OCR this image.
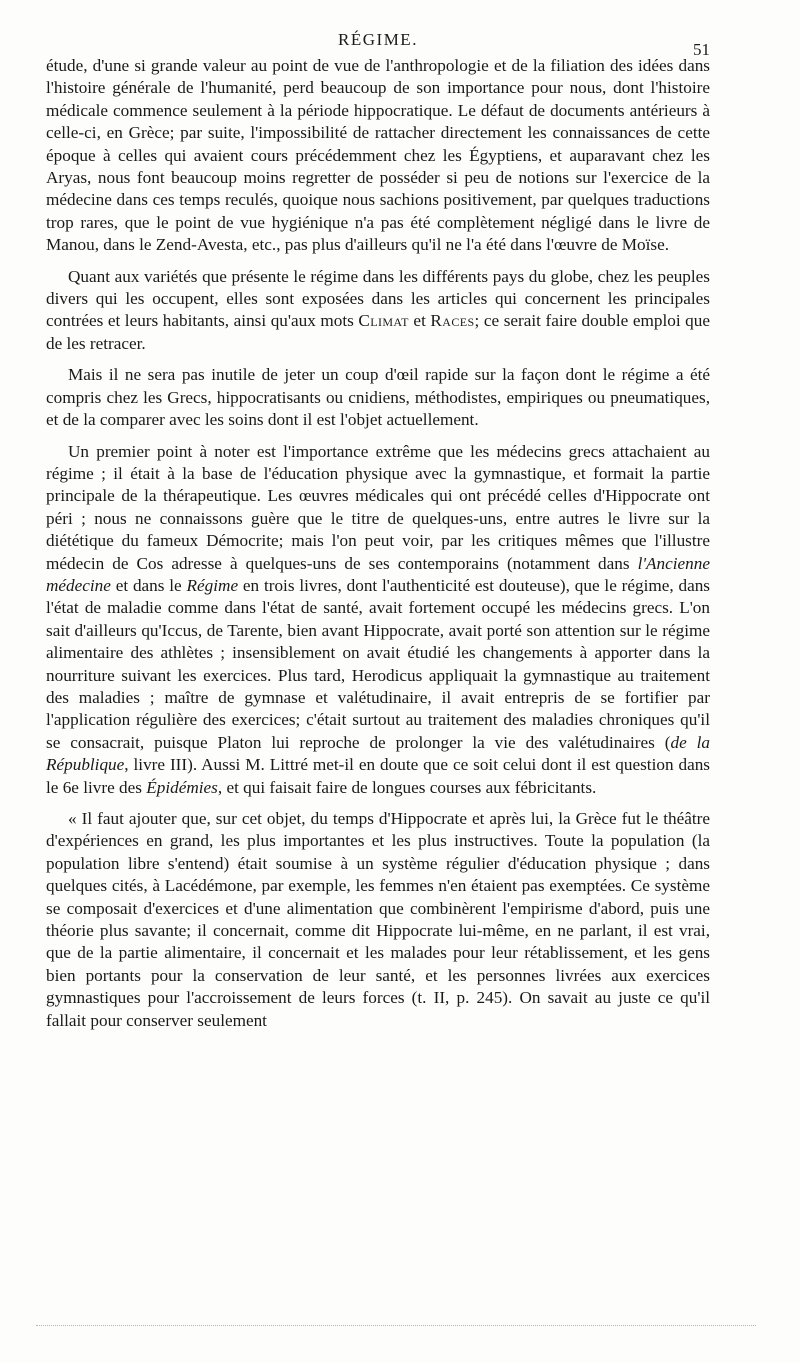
RÉGIME.
51

étude, d'une si grande valeur au point de vue de l'anthropologie et de la filiation des idées dans l'histoire générale de l'humanité, perd beaucoup de son importance pour nous, dont l'histoire médicale commence seulement à la période hippocratique. Le défaut de documents antérieurs à celle-ci, en Grèce; par suite, l'impossibilité de rattacher directement les connaissances de cette époque à celles qui avaient cours précédemment chez les Égyptiens, et auparavant chez les Aryas, nous font beaucoup moins regretter de posséder si peu de notions sur l'exercice de la médecine dans ces temps reculés, quoique nous sachions positivement, par quelques traductions trop rares, que le point de vue hygiénique n'a pas été complètement négligé dans le livre de Manou, dans le Zend-Avesta, etc., pas plus d'ailleurs qu'il ne l'a été dans l'œuvre de Moïse.

Quant aux variétés que présente le régime dans les différents pays du globe, chez les peuples divers qui les occupent, elles sont exposées dans les articles qui concernent les principales contrées et leurs habitants, ainsi qu'aux mots Climat et Races; ce serait faire double emploi que de les retracer.

Mais il ne sera pas inutile de jeter un coup d'œil rapide sur la façon dont le régime a été compris chez les Grecs, hippocratisants ou cnidiens, méthodistes, empiriques ou pneumatiques, et de la comparer avec les soins dont il est l'objet actuellement.

Un premier point à noter est l'importance extrême que les médecins grecs attachaient au régime ; il était à la base de l'éducation physique avec la gymnastique, et formait la partie principale de la thérapeutique. Les œuvres médicales qui ont précédé celles d'Hippocrate ont péri ; nous ne connaissons guère que le titre de quelques-uns, entre autres le livre sur la diététique du fameux Démocrite; mais l'on peut voir, par les critiques mêmes que l'illustre médecin de Cos adresse à quelques-uns de ses contemporains (notamment dans l'Ancienne médecine et dans le Régime en trois livres, dont l'authenticité est douteuse), que le régime, dans l'état de maladie comme dans l'état de santé, avait fortement occupé les médecins grecs. L'on sait d'ailleurs qu'Iccus, de Tarente, bien avant Hippocrate, avait porté son attention sur le régime alimentaire des athlètes ; insensiblement on avait étudié les changements à apporter dans la nourriture suivant les exercices. Plus tard, Herodicus appliquait la gymnastique au traitement des maladies ; maître de gymnase et valétudinaire, il avait entrepris de se fortifier par l'application régulière des exercices; c'était surtout au traitement des maladies chroniques qu'il se consacrait, puisque Platon lui reproche de prolonger la vie des valétudinaires (de la République, livre III). Aussi M. Littré met-il en doute que ce soit celui dont il est question dans le 6e livre des Épidémies, et qui faisait faire de longues courses aux fébricitants.

« Il faut ajouter que, sur cet objet, du temps d'Hippocrate et après lui, la Grèce fut le théâtre d'expériences en grand, les plus importantes et les plus instructives. Toute la population (la population libre s'entend) était soumise à un système régulier d'éducation physique ; dans quelques cités, à Lacédémone, par exemple, les femmes n'en étaient pas exemptées. Ce système se composait d'exercices et d'une alimentation que combinèrent l'empirisme d'abord, puis une théorie plus savante; il concernait, comme dit Hippocrate lui-même, en ne parlant, il est vrai, que de la partie alimentaire, il concernait et les malades pour leur rétablissement, et les gens bien portants pour la conservation de leur santé, et les personnes livrées aux exercices gymnastiques pour l'accroissement de leurs forces (t. II, p. 245). On savait au juste ce qu'il fallait pour conserver seulement
